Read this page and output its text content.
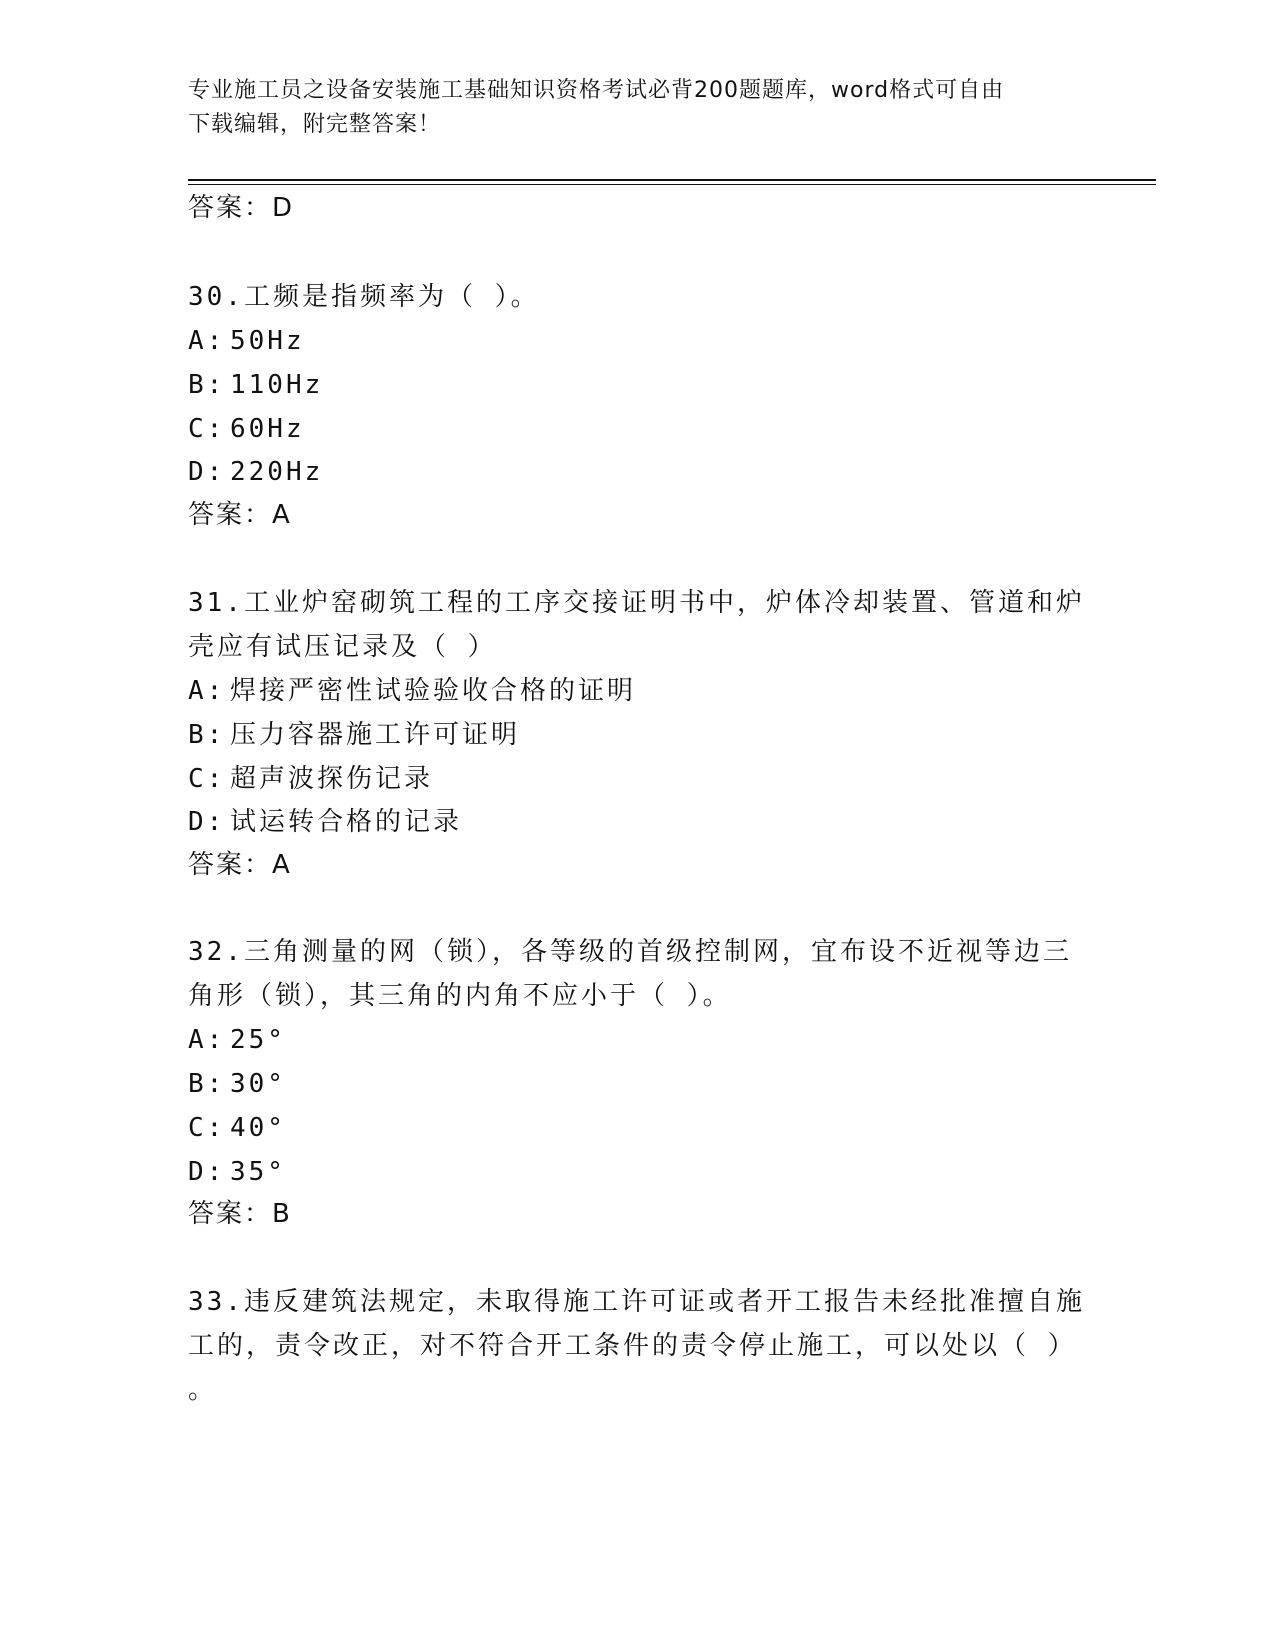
专业施工员之设备安装施工基础知识资格考试必背200题题库，word格式可自由
下载编辑，附完整答案！
答案：D
30.工频是指频率为（ ）。
A: 50Hz
B: 110Hz
C: 60Hz
D: 220Hz
答案：A
31.工业炉窑砌筑工程的工序交接证明书中，炉体冷却装置、管道和炉
壳应有试压记录及（ ）
A: 焊接严密性试验验收合格的证明
B: 压力容器施工许可证明
C: 超声波探伤记录
D: 试运转合格的记录
答案：A
32.三角测量的网（锁），各等级的首级控制网，宜布设不近视等边三
角形（锁），其三角的内角不应小于（ ）。
A: 25°
B: 30°
C: 40°
D: 35°
答案：B
33.违反建筑法规定，未取得施工许可证或者开工报告未经批准擅自施
工的，责令改正，对不符合开工条件的责令停止施工，可以处以（ ）
。
